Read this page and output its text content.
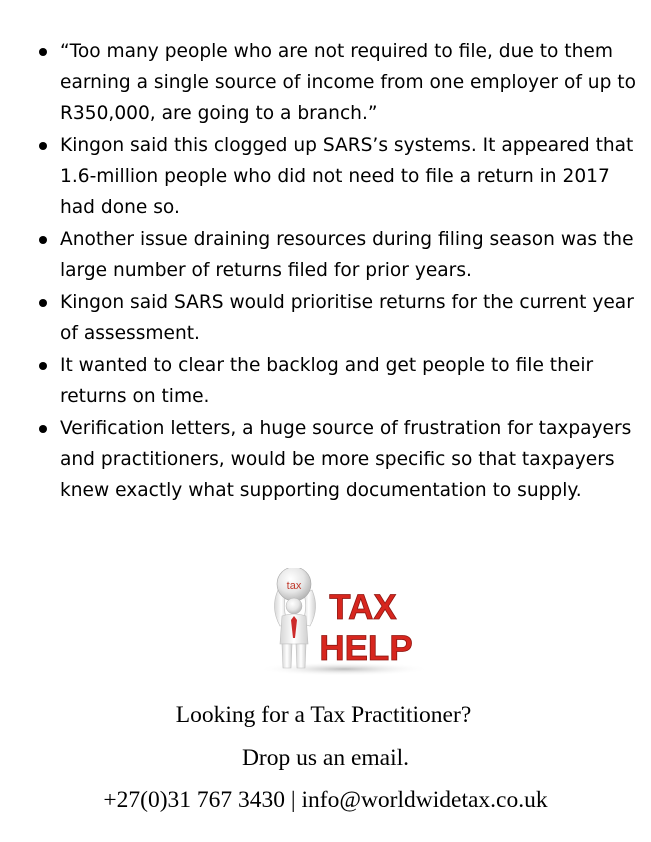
“Too many people who are not required to file, due to them earning a single source of income from one employer of up to R350,000, are going to a branch.”
Kingon said this clogged up SARS’s systems. It appeared that 1.6-million people who did not need to file a return in 2017 had done so.
Another issue draining resources during filing season was the large number of returns filed for prior years.
Kingon said SARS would prioritise returns for the current year of assessment.
It wanted to clear the backlog and get people to file their returns on time.
Verification letters, a huge source of frustration for taxpayers and practitioners, would be more specific so that taxpayers knew exactly what supporting documentation to supply.
tax
TAX
HELP
Looking for a Tax Practitioner?
Drop us an email.
+27(0)31 767 3430 | info@worldwidetax.co.uk
